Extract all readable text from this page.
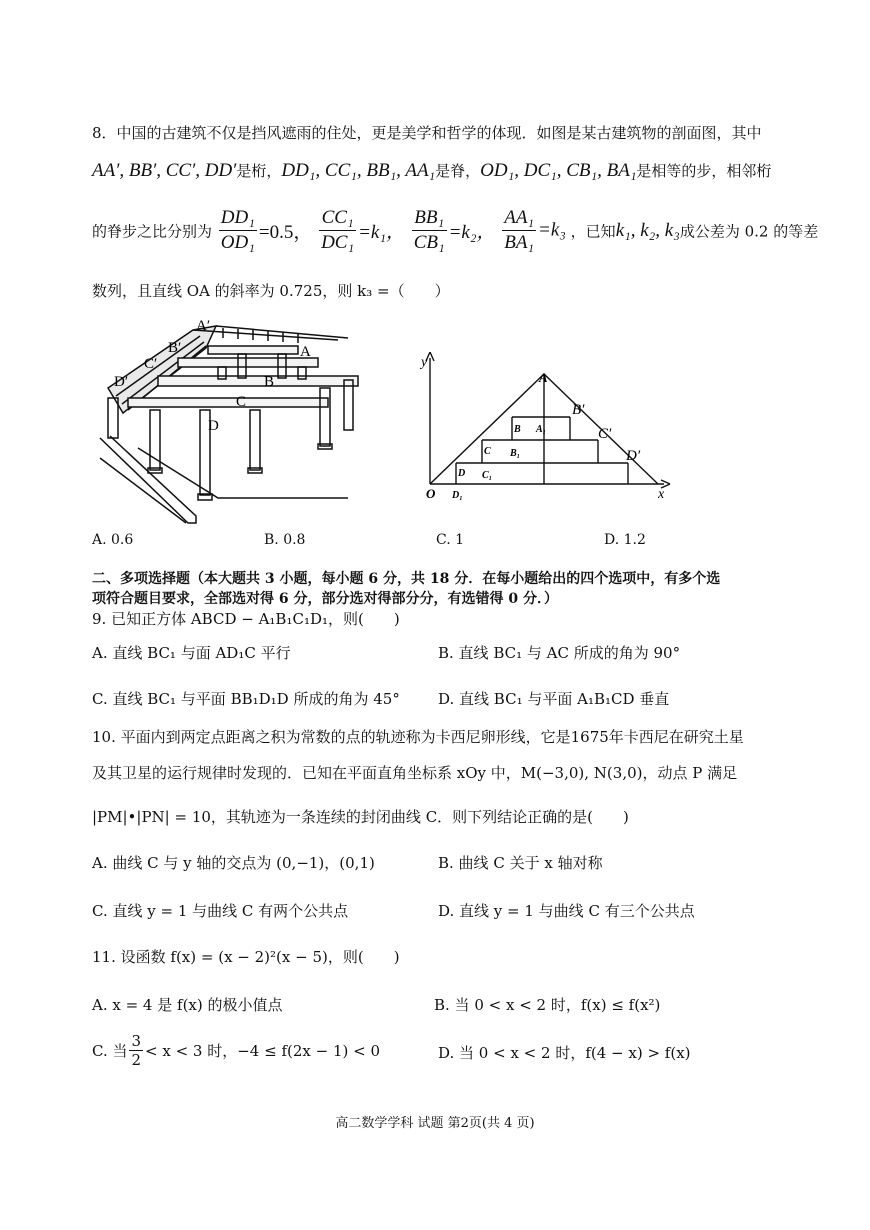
8．中国的古建筑不仅是挡风遮雨的住处，更是美学和哲学的体现．如图是某古建筑物的剖面图，其中
AA′, BB′, CC′, DD′是桁，DD₁, CC₁, BB₁, AA₁是脊，OD₁, DC₁, CB₁, BA₁是相等的步，相邻桁
的脊步之比分别为 $\frac{\text{DD₁}}{\text{OD₁}} =0.5$， $\frac{\text{CC₁}}{\text{DC₁}} =k_1$， $\frac{\text{BB₁}}{\text{CB₁}} =k_2$， $\frac{\text{AA₁}}{\text{BA₁}} =k_3$ ，已知k₁, k₂, k₃成公差为 0.2 的等差
数列，且直线 OA 的斜率为 0.725，则 k₃ =（　　）
A′
B′
C′
D′
A
B
C
D
y
x
O
A
B′
C′
D′
B A₁
C B₁
D C₁
D₁
A. 0.6	B. 0.8	C. 1	D. 1.2
二、多项选择题（本大题共 3 小题，每小题 6 分，共 18 分．在每小题给出的四个选项中，有多个选
项符合题目要求，全部选对得 6 分，部分选对得部分分，有选错得 0 分．）
9. 已知正方体 ABCD − A₁B₁C₁D₁，则(　　)
A. 直线 BC₁ 与面 AD₁C 平行	B. 直线 BC₁ 与 AC 所成的角为 90°
C. 直线 BC₁ 与平面 BB₁D₁D 所成的角为 45°	D. 直线 BC₁ 与平面 A₁B₁CD 垂直
10. 平面内到两定点距离之积为常数的点的轨迹称为卡西尼卵形线，它是1675年卡西尼在研究土星
及其卫星的运行规律时发现的．已知在平面直角坐标系 xOy 中，M(−3,0), N(3,0)，动点 P 满足
|PM|•|PN| = 10，其轨迹为一条连续的封闭曲线 C．则下列结论正确的是(　　)
A. 曲线 C 与 y 轴的交点为 (0,−1)，(0,1)	B. 曲线 C 关于 x 轴对称
C. 直线 y = 1 与曲线 C 有两个公共点	D. 直线 y = 1 与曲线 C 有三个公共点
11. 设函数 f(x) = (x − 2)²(x − 5)，则(　　)
A. x = 4 是 f(x) 的极小值点	B. 当 0 < x < 2 时，f(x) ≤ f(x²)
C. 当 $\frac{3}{2} < x < 3$ 时，−4 ≤ f(2x − 1) < 0	D. 当 0 < x < 2 时，f(4 − x) > f(x)
高二数学学科 试题 第2页(共 4 页)
